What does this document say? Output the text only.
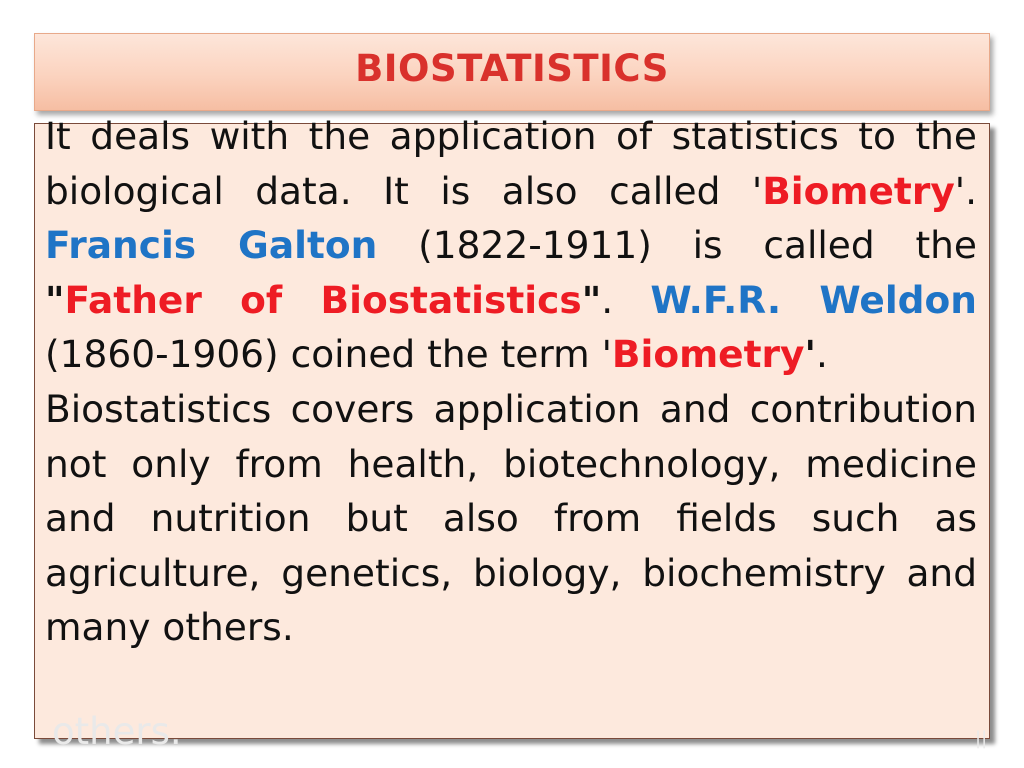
BIOSTATISTICS
others.	||

It deals with the application of statistics to the biological data. It is also called 'Biometry'. Francis Galton (1822-1911) is called the "Father of Biostatistics". W.F.R. Weldon (1860-1906) coined the term 'Biometry'.

Biostatistics covers application and contribution not only from health, biotechnology, medicine and nutrition but also from fields such as agriculture, genetics, biology, biochemistry and many others.
